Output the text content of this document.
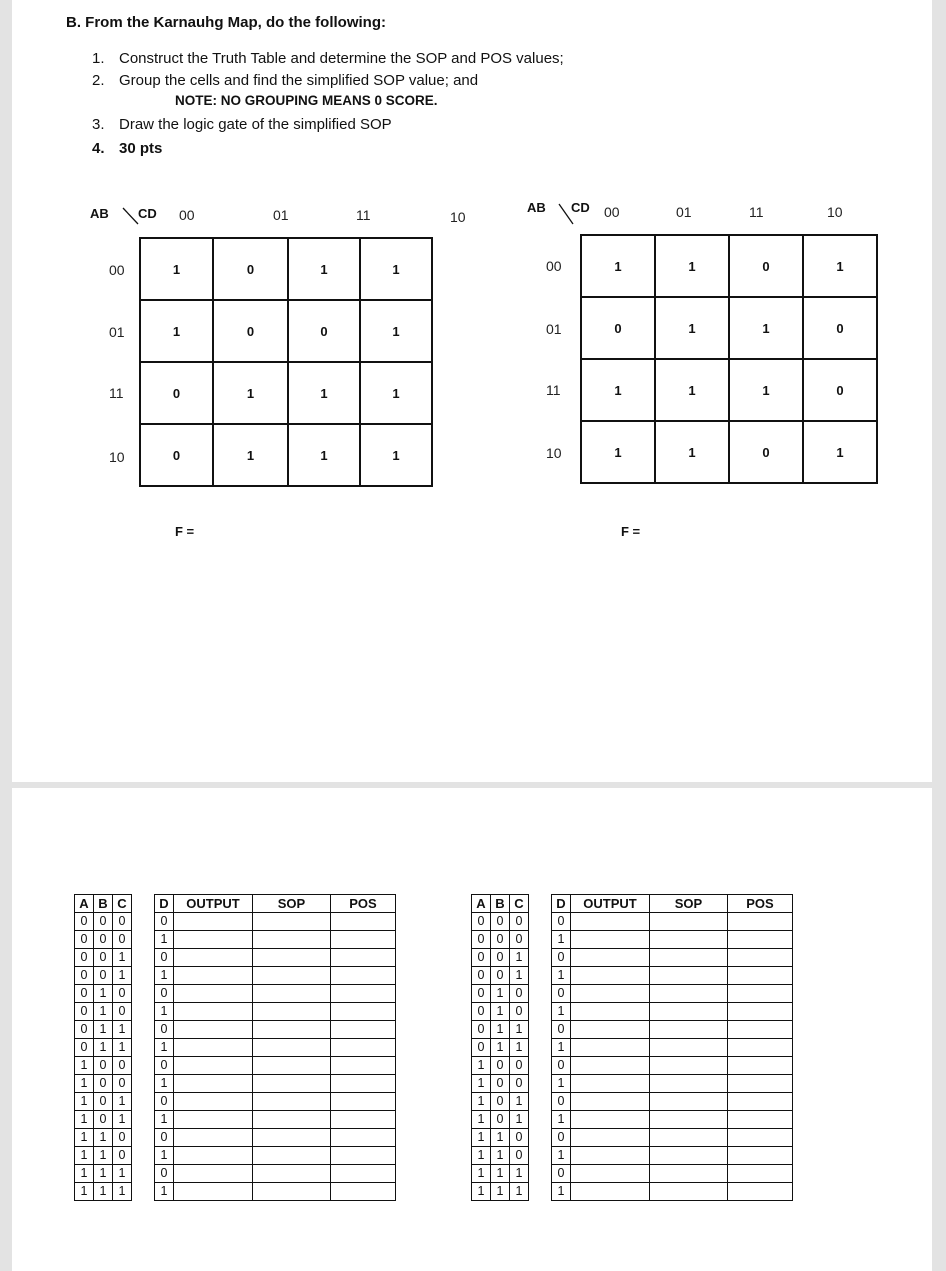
B. From the Karnauhg Map, do the following:
1. Construct the Truth Table and determine the SOP and POS values;
2. Group the cells and find the simplified SOP value; and
NOTE: NO GROUPING MEANS 0 SCORE.
3. Draw the logic gate of the simplified SOP
4. 30 pts
AB CD 00	01	11	10
00
01
11
10
1	0	1	1
1	0	0	1
0	1	1	1
0	1	1	1
F =
AB CD 00	01	11	10
00
01
11
10
1	1	0	1
0	1	1	0
1	1	1	0
1	1	0	1
F =
A	B	C		D	OUTPUT	SOP	POS
0	0	0		0			
0	0	0		1			
0	0	1		0			
0	0	1		1			
0	1	0		0			
0	1	0		1			
0	1	1		0			
0	1	1		1			
1	0	0		0			
1	0	0		1			
1	0	1		0			
1	0	1		1			
1	1	0		0			
1	1	0		1			
1	1	1		0			
1	1	1		1			
A	B	C		D	OUTPUT	SOP	POS
0	0	0		0			
0	0	0		1			
0	0	1		0			
0	0	1		1			
0	1	0		0			
0	1	0		1			
0	1	1		0			
0	1	1		1			
1	0	0		0			
1	0	0		1			
1	0	1		0			
1	0	1		1			
1	1	0		0			
1	1	0		1			
1	1	1		0			
1	1	1		1			
